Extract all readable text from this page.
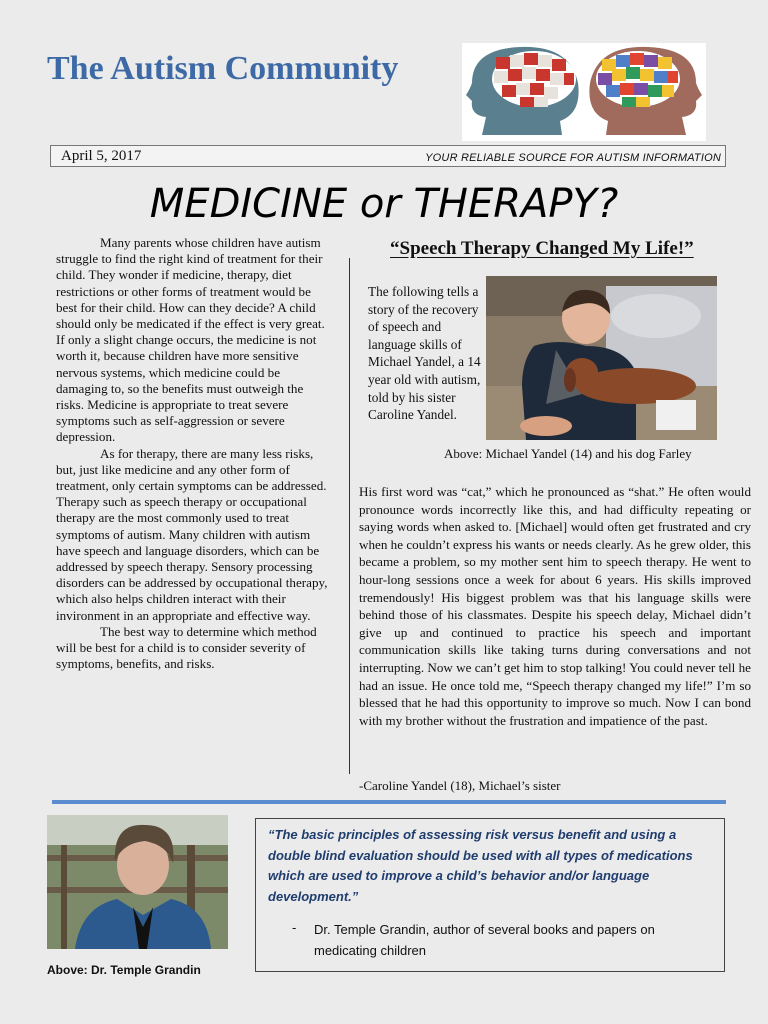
The Autism Community
April 5, 2017	YOUR RELIABLE SOURCE FOR AUTISM INFORMATION
MEDICINE or THERAPY?

Many parents whose children have autism struggle to find the right kind of treatment for their child. They wonder if medicine, therapy, diet restrictions or other forms of treatment would be best for their child. How can they decide? A child should only be medicated if the effect is very great. If only a slight change occurs, the medicine is not worth it, because children have more sensitive nervous systems, which medicine could be damaging to, so the benefits must outweigh the risks. Medicine is appropriate to treat severe symptoms such as self-aggression or severe depression.

As for therapy, there are many less risks, but, just like medicine and any other form of treatment, only certain symptoms can be addressed. Therapy such as speech therapy or occupational therapy are the most commonly used to treat symptoms of autism. Many children with autism have speech and language disorders, which can be addressed by speech therapy. Sensory processing disorders can be addressed by occupational therapy, which also helps children interact with their invironment in an appropriate and effective way.

The best way to determine which method will be best for a child is to consider severity of symptoms, benefits, and risks.

“Speech Therapy Changed My Life!”
The following tells a story of the recovery of speech and language skills of Michael Yandel, a 14 year old with autism, told by his sister Caroline Yandel.
Above: Michael Yandel (14) and his dog Farley
His first word was “cat,” which he pronounced as “shat.” He often would pronounce words incorrectly like this, and had difficulty repeating or saying words when asked to. [Michael] would often get frustrated and cry when he couldn’t express his wants or needs clearly. As he grew older, this became a problem, so my mother sent him to speech therapy. He went to hour-long sessions once a week for about 6 years. His skills improved tremendously! His biggest problem was that his language skills were behind those of his classmates. Despite his speech delay, Michael didn’t give up and continued to practice his speech and important communication skills like taking turns during conversations and not interrupting. Now we can’t get him to stop talking! You could never tell he had an issue. He once told me, “Speech therapy changed my life!” I’m so blessed that he had this opportunity to improve so much. Now I can bond with my brother without the frustration and impatience of the past.
-Caroline Yandel (18), Michael’s sister
Above: Dr. Temple Grandin
“The basic principles of assessing risk versus benefit and using a double blind evaluation should be used with all types of medications which are used to improve a child’s behavior and/or language development.”
- Dr. Temple Grandin, author of several books and papers on medicating children
